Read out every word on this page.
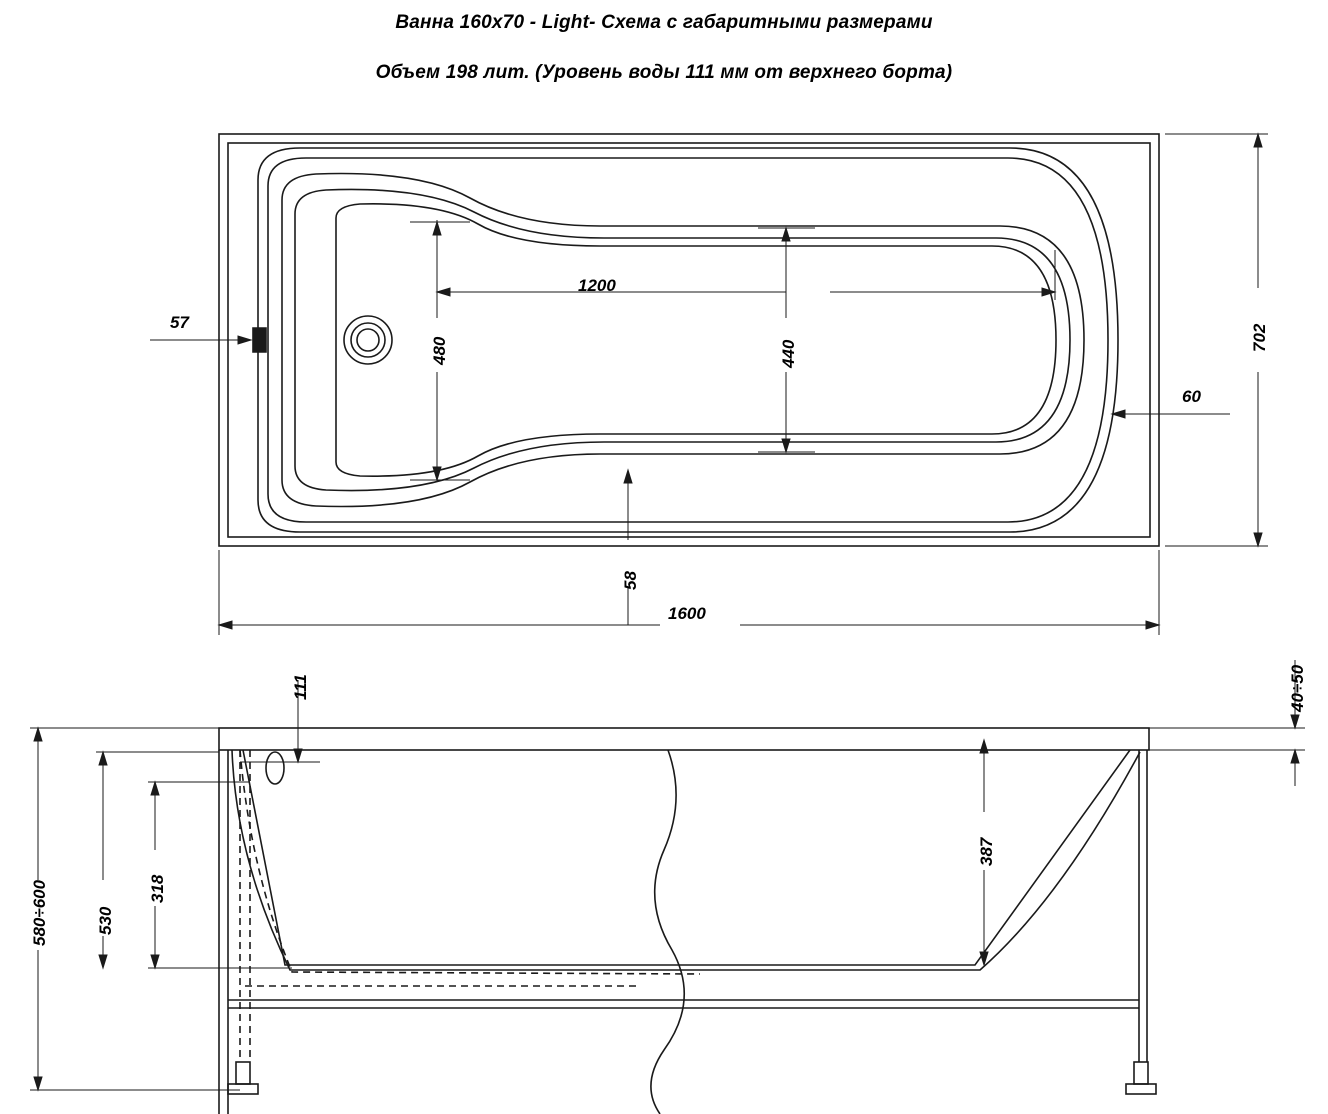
Ванна 160x70 - Light- Схема с габаритными размерами
Объем 198 лит. (Уровень воды 111 мм от верхнего борта)
57
60
1200
480	440
58
1600
702
111	40÷50
318
530
580÷600
387
